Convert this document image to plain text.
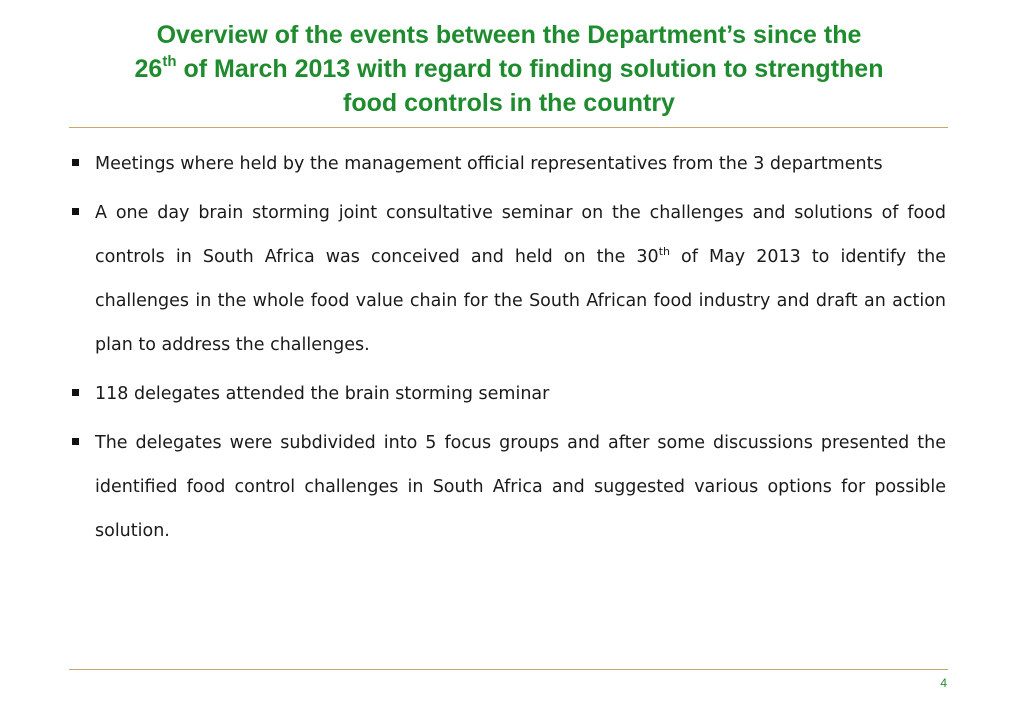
Overview of the events between the Department’s since the
26th of March 2013 with regard to finding solution to strengthen
food controls in the country
Meetings where held by the management official representatives from the 3 departments
A one day brain storming joint consultative seminar on the challenges and solutions of food controls in South Africa was conceived and held on the 30th of May 2013 to identify the challenges in the whole food value chain for the South African food industry and draft an action plan to address the challenges.
118 delegates attended the brain storming seminar
The delegates were subdivided into 5 focus groups and after some discussions presented the identified food control challenges in South Africa and suggested various options for possible solution.
4
